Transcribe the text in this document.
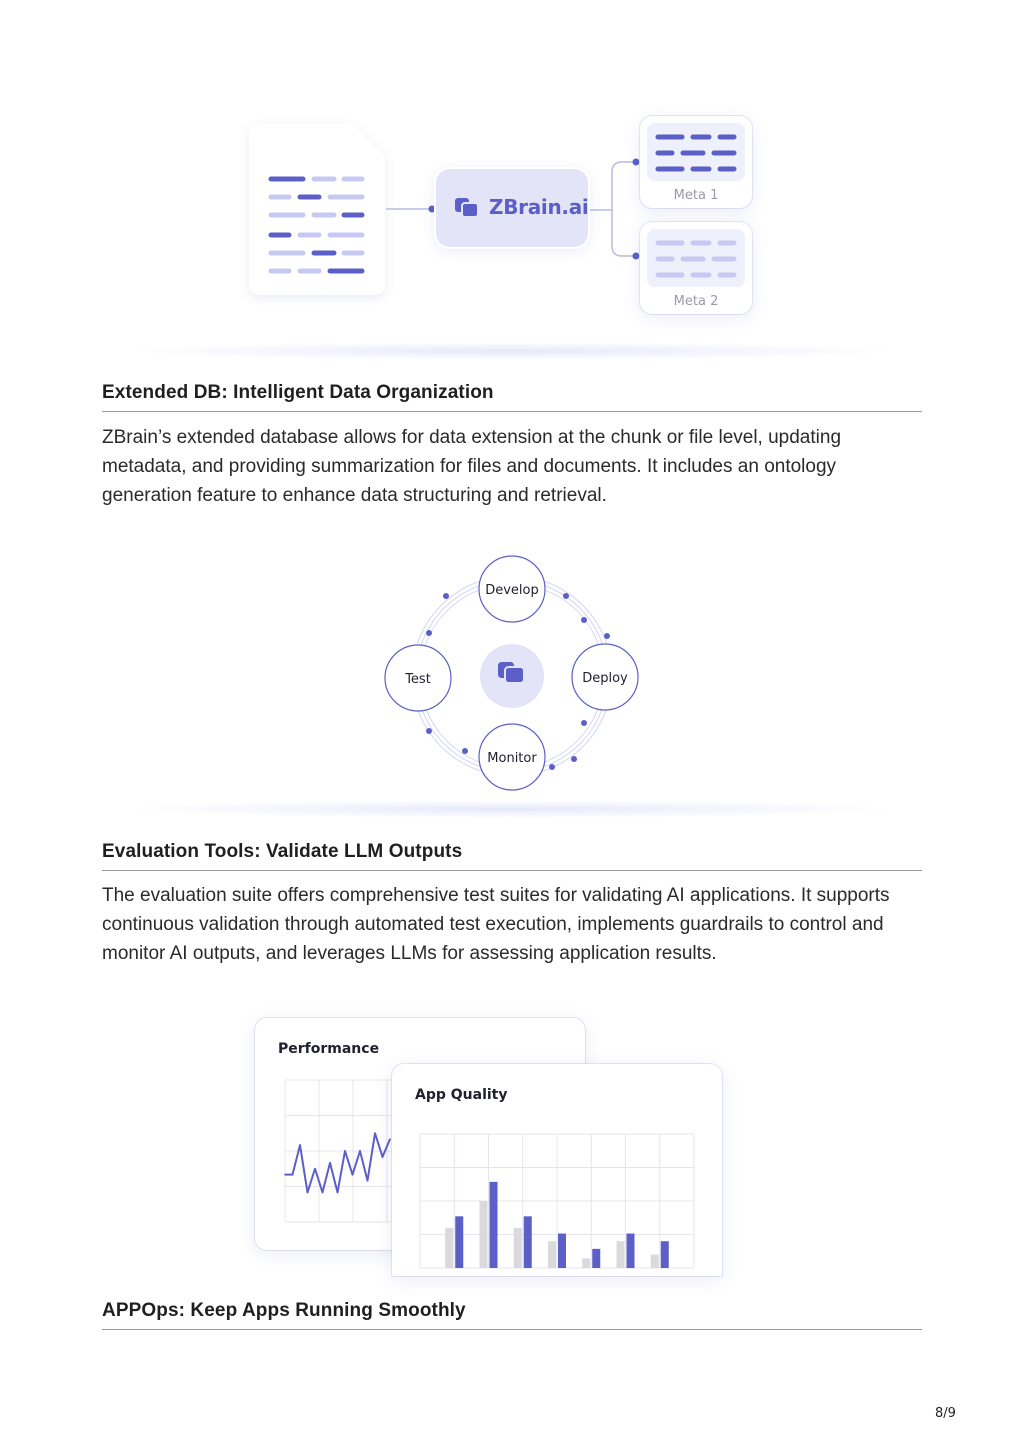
ZBrain.ai	Meta 1
Meta 2
Extended DB: Intelligent Data Organization
ZBrain’s extended database allows for data extension at the chunk or file level, updating metadata, and providing summarization for files and documents. It includes an ontology generation feature to enhance data structuring and retrieval.
Develop
Deploy
Monitor
Test
Evaluation Tools: Validate LLM Outputs
The evaluation suite offers comprehensive test suites for validating AI applications. It supports continuous validation through automated test execution, implements guardrails to control and monitor AI outputs, and leverages LLMs for assessing application results.
Performance
App Quality
APPOps: Keep Apps Running Smoothly
8/9
